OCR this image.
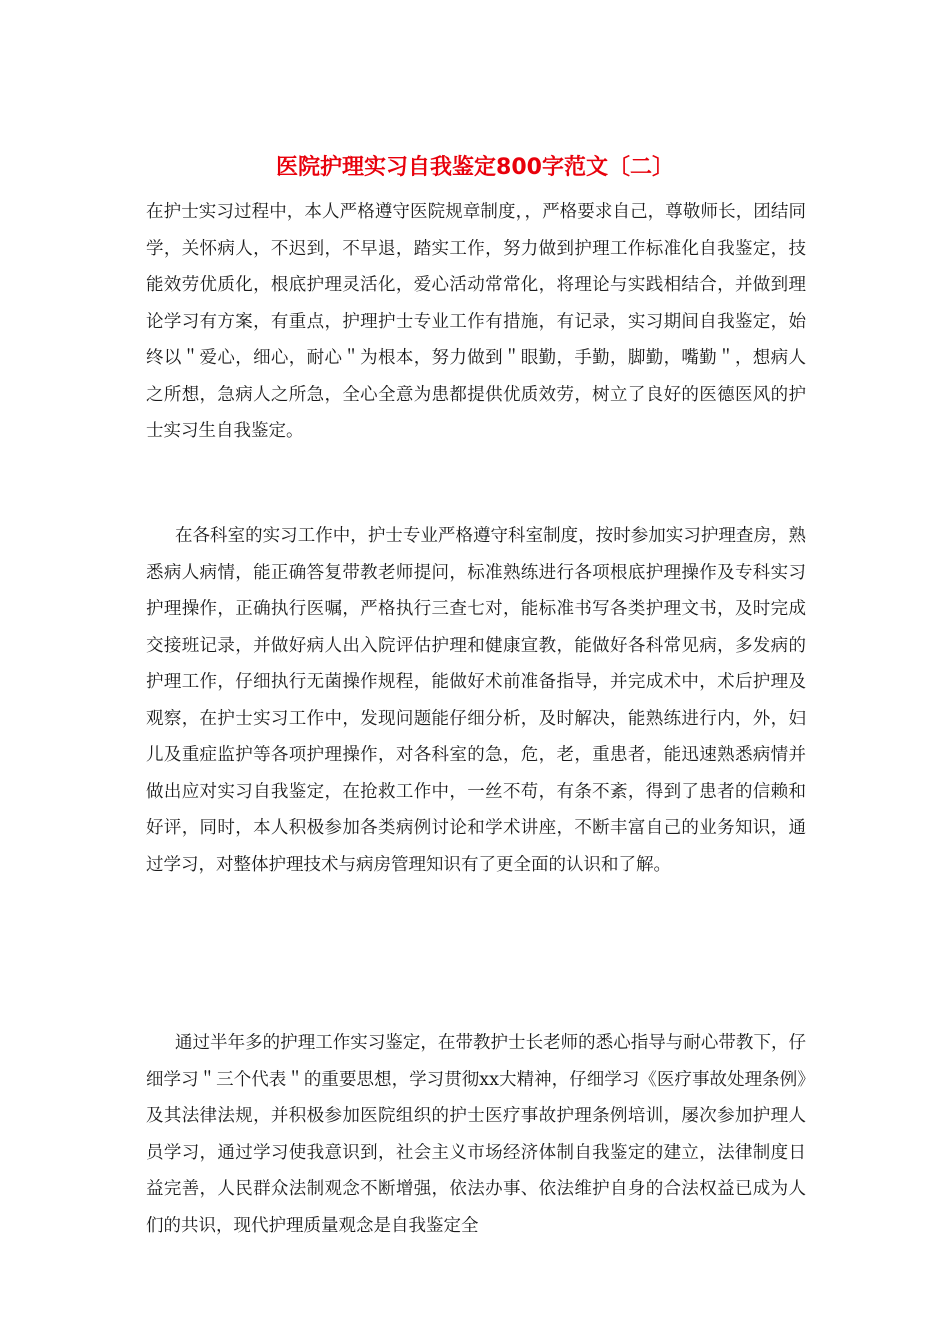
医院护理实习自我鉴定800字范文〔二〕

在护士实习过程中，本人严格遵守医院规章制度，，严格要求自己，尊敬师长，团结同学，关怀病人，不迟到，不早退，踏实工作，努力做到护理工作标准化自我鉴定，技能效劳优质化，根底护理灵活化，爱心活动常常化，将理论与实践相结合，并做到理论学习有方案，有重点，护理护士专业工作有措施，有记录，实习期间自我鉴定，始终以＂爱心，细心，耐心＂为根本，努力做到＂眼勤，手勤，脚勤，嘴勤＂，想病人之所想，急病人之所急，全心全意为患都提供优质效劳，树立了良好的医德医风的护士实习生自我鉴定。

在各科室的实习工作中，护士专业严格遵守科室制度，按时参加实习护理查房，熟悉病人病情，能正确答复带教老师提问，标准熟练进行各项根底护理操作及专科实习护理操作，正确执行医嘱，严格执行三查七对，能标准书写各类护理文书，及时完成交接班记录，并做好病人出入院评估护理和健康宣教，能做好各科常见病，多发病的护理工作，仔细执行无菌操作规程，能做好术前准备指导，并完成术中，术后护理及观察，在护士实习工作中，发现问题能仔细分析，及时解决，能熟练进行内，外，妇儿及重症监护等各项护理操作，对各科室的急，危，老，重患者，能迅速熟悉病情并做出应对实习自我鉴定，在抢救工作中，一丝不苟，有条不紊，得到了患者的信赖和好评，同时，本人积极参加各类病例讨论和学术讲座，不断丰富自己的业务知识，通过学习，对整体护理技术与病房管理知识有了更全面的认识和了解。

通过半年多的护理工作实习鉴定，在带教护士长老师的悉心指导与耐心带教下，仔细学习＂三个代表＂的重要思想，学习贯彻xx大精神，仔细学习《医疗事故处理条例》及其法律法规，并积极参加医院组织的护士医疗事故护理条例培训，屡次参加护理人员学习，通过学习使我意识到，社会主义市场经济体制自我鉴定的建立，法律制度日益完善，人民群众法制观念不断增强，依法办事、依法维护自身的合法权益已成为人们的共识，现代护理质量观念是自我鉴定全
